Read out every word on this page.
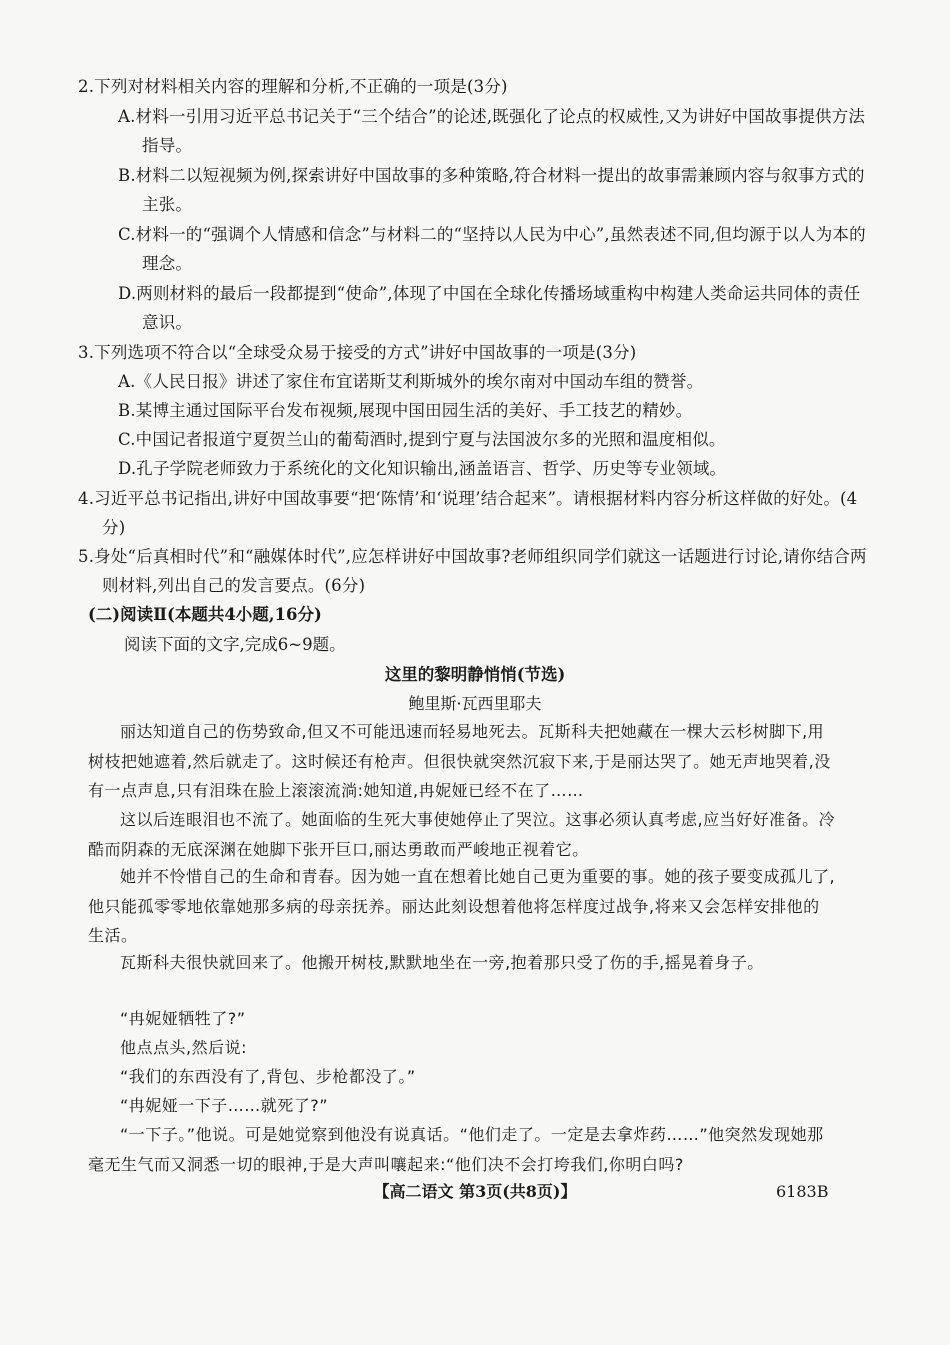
2.下列对材料相关内容的理解和分析,不正确的一项是(3分)
A.材料一引用习近平总书记关于“三个结合”的论述,既强化了论点的权威性,又为讲好中国故事提供方法指导。
B.材料二以短视频为例,探索讲好中国故事的多种策略,符合材料一提出的故事需兼顾内容与叙事方式的主张。
C.材料一的“强调个人情感和信念”与材料二的“坚持以人民为中心”,虽然表述不同,但均源于以人为本的理念。
D.两则材料的最后一段都提到“使命”,体现了中国在全球化传播场域重构中构建人类命运共同体的责任意识。
3.下列选项不符合以“全球受众易于接受的方式”讲好中国故事的一项是(3分)
A.《人民日报》讲述了家住布宜诺斯艾利斯城外的埃尔南对中国动车组的赞誉。
B.某博主通过国际平台发布视频,展现中国田园生活的美好、手工技艺的精妙。
C.中国记者报道宁夏贺兰山的葡萄酒时,提到宁夏与法国波尔多的光照和温度相似。
D.孔子学院老师致力于系统化的文化知识输出,涵盖语言、哲学、历史等专业领域。
4.习近平总书记指出,讲好中国故事要“把‘陈情’和‘说理’结合起来”。请根据材料内容分析这样做的好处。(4分)
5.身处“后真相时代”和“融媒体时代”,应怎样讲好中国故事?老师组织同学们就这一话题进行讨论,请你结合两则材料,列出自己的发言要点。(6分)
(二)阅读Ⅱ(本题共4小题,16分)
阅读下面的文字,完成6~9题。
这里的黎明静悄悄(节选)
鲍里斯·瓦西里耶夫
丽达知道自己的伤势致命,但又不可能迅速而轻易地死去。瓦斯科夫把她藏在一棵大云杉树脚下,用树枝把她遮着,然后就走了。这时候还有枪声。但很快就突然沉寂下来,于是丽达哭了。她无声地哭着,没有一点声息,只有泪珠在脸上滚滚流淌:她知道,冉妮娅已经不在了……
这以后连眼泪也不流了。她面临的生死大事使她停止了哭泣。这事必须认真考虑,应当好好准备。冷酷而阴森的无底深渊在她脚下张开巨口,丽达勇敢而严峻地正视着它。
她并不怜惜自己的生命和青春。因为她一直在想着比她自己更为重要的事。她的孩子要变成孤儿了,他只能孤零零地依靠她那多病的母亲抚养。丽达此刻设想着他将怎样度过战争,将来又会怎样安排他的生活。
瓦斯科夫很快就回来了。他搬开树枝,默默地坐在一旁,抱着那只受了伤的手,摇晃着身子。
“冉妮娅牺牲了?”
他点点头,然后说:
“我们的东西没有了,背包、步枪都没了。”
“冉妮娅一下子……就死了?”
“一下子。”他说。可是她觉察到他没有说真话。“他们走了。一定是去拿炸药……”他突然发现她那毫无生气而又洞悉一切的眼神,于是大声叫嚷起来:“他们决不会打垮我们,你明白吗?
【高二语文 第3页(共8页)】	6183B
